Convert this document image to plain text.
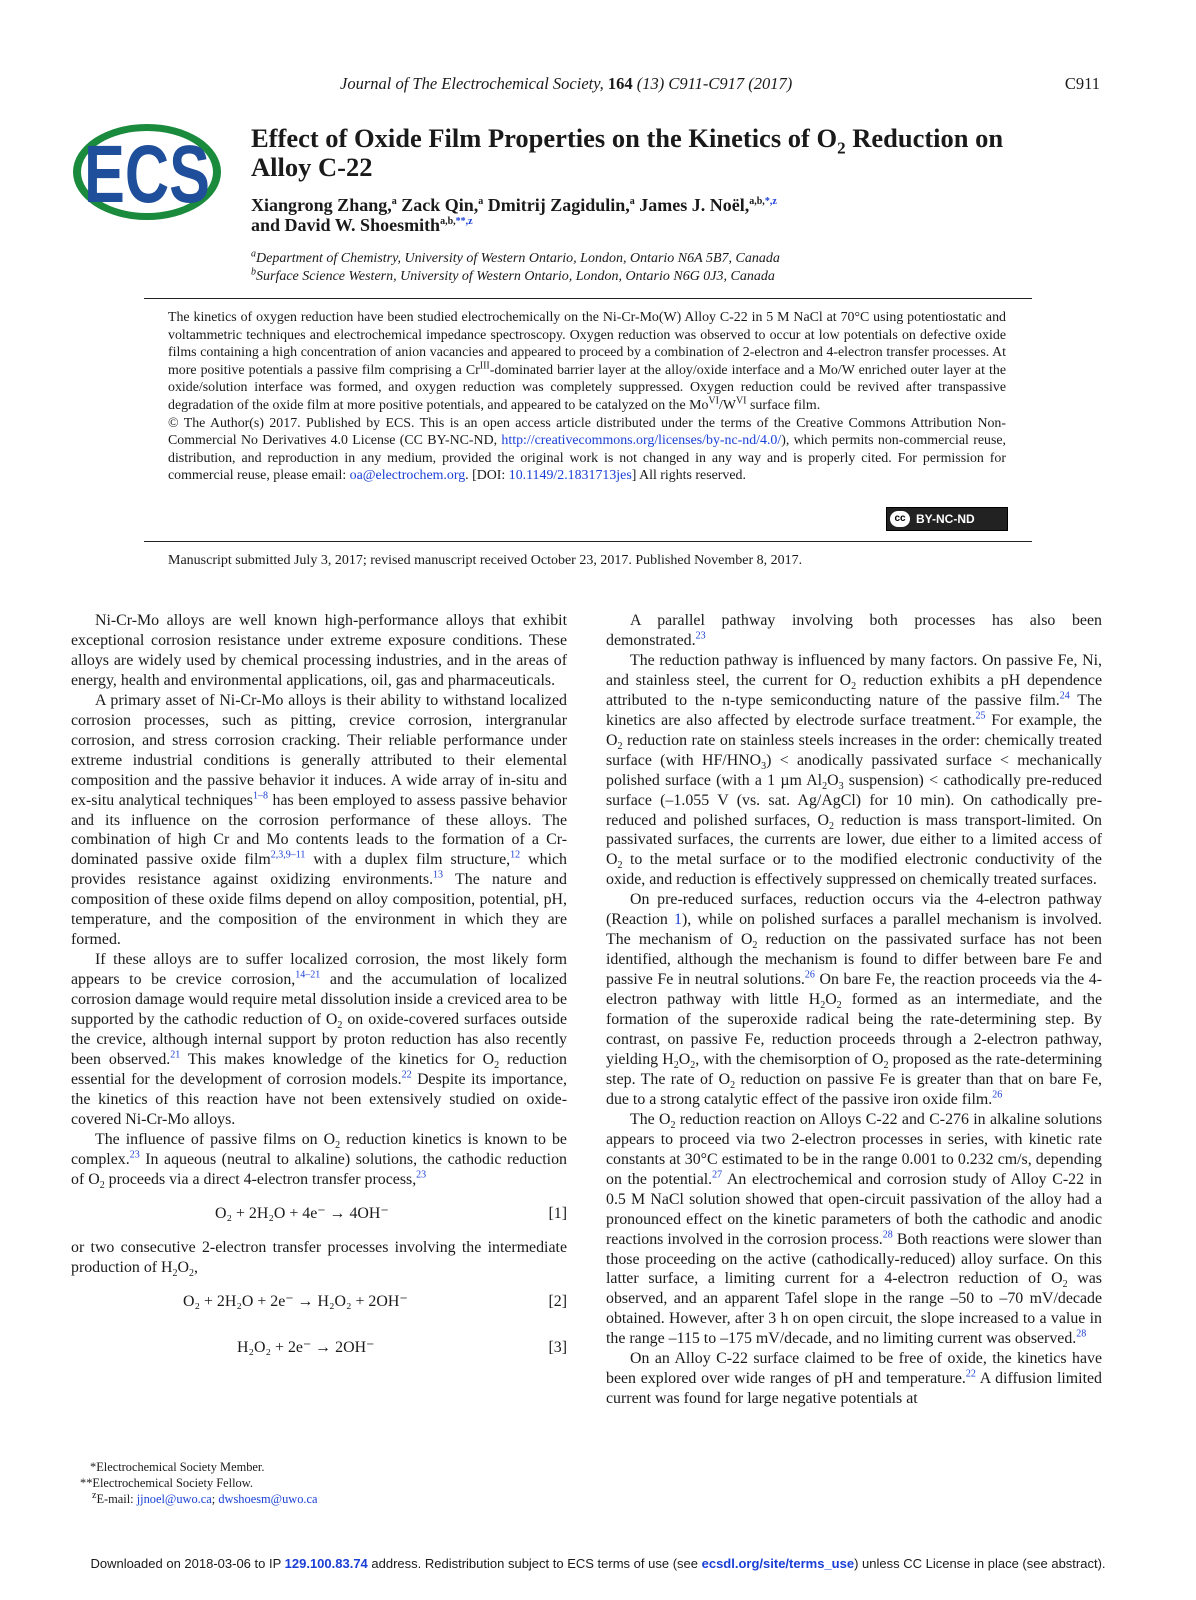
Journal of The Electrochemical Society, 164 (13) C911-C917 (2017)	C911
ECS Effect of Oxide Film Properties on the Kinetics of $O_2$ Reduction on
Alloy C-22
Xiangrong Zhang,$^a$ Zack Qin,$^a$ Dmitrij Zagidulin,$^a$ James J. Noël,$^{a,b,*,z}$
and David W. Shoesmith$^{a,b,**,z}$
$^a$Department of Chemistry, University of Western Ontario, London, Ontario N6A 5B7, Canada
$^b$Surface Science Western, University of Western Ontario, London, Ontario N6G 0J3, Canada

The kinetics of oxygen reduction have been studied electrochemically on the Ni-Cr-Mo(W) Alloy C-22 in 5 M NaCl at 70°C using potentiostatic and voltammetric techniques and electrochemical impedance spectroscopy. Oxygen reduction was observed to occur at low potentials on defective oxide films containing a high concentration of anion vacancies and appeared to proceed by a combination of 2-electron and 4-electron transfer processes. At more positive potentials a passive film comprising a $Cr^{III}$-dominated barrier layer at the alloy/oxide interface and a Mo/W enriched outer layer at the oxide/solution interface was formed, and oxygen reduction was completely suppressed. Oxygen reduction could be revived after transpassive degradation of the oxide film at more positive potentials, and appeared to be catalyzed on the $Mo^{VI}/W^{VI}$ surface film.

© The Author(s) 2017. Published by ECS. This is an open access article distributed under the terms of the Creative Commons Attribution Non-Commercial No Derivatives 4.0 License (CC BY-NC-ND, http://creativecommons.org/licenses/by-nc-nd/4.0/), which permits non-commercial reuse, distribution, and reproduction in any medium, provided the original work is not changed in any way and is properly cited. For permission for commercial reuse, please email: oa@electrochem.org. [DOI: 10.1149/2.1831713jes] All rights reserved.

cc BY-NC-ND
Manuscript submitted July 3, 2017; revised manuscript received October 23, 2017. Published November 8, 2017.

Ni-Cr-Mo alloys are well known high-performance alloys that exhibit exceptional corrosion resistance under extreme exposure conditions. These alloys are widely used by chemical processing industries, and in the areas of energy, health and environmental applications, oil, gas and pharmaceuticals.

A primary asset of Ni-Cr-Mo alloys is their ability to withstand localized corrosion processes, such as pitting, crevice corrosion, intergranular corrosion, and stress corrosion cracking. Their reliable performance under extreme industrial conditions is generally attributed to their elemental composition and the passive behavior it induces. A wide array of in-situ and ex-situ analytical techniques$^{1-8}$ has been employed to assess passive behavior and its influence on the corrosion performance of these alloys. The combination of high Cr and Mo contents leads to the formation of a Cr-dominated passive oxide film$^{2,3,9-11}$ with a duplex film structure,$^{12}$ which provides resistance against oxidizing environments.$^{13}$ The nature and composition of these oxide films depend on alloy composition, potential, pH, temperature, and the composition of the environment in which they are formed.

If these alloys are to suffer localized corrosion, the most likely form appears to be crevice corrosion,$^{14-21}$ and the accumulation of localized corrosion damage would require metal dissolution inside a creviced area to be supported by the cathodic reduction of $O_2$ on oxide-covered surfaces outside the crevice, although internal support by proton reduction has also recently been observed.$^{21}$ This makes knowledge of the kinetics for $O_2$ reduction essential for the development of corrosion models.$^{22}$ Despite its importance, the kinetics of this reaction have not been extensively studied on oxide-covered Ni-Cr-Mo alloys.

The influence of passive films on $O_2$ reduction kinetics is known to be complex.$^{23}$ In aqueous (neutral to alkaline) solutions, the cathodic reduction of $O_2$ proceeds via a direct 4-electron transfer process,$^{23}$

O₂ + 2H₂O + 4e⁻ → 4OH⁻	[1]

or two consecutive 2-electron transfer processes involving the intermediate production of $H_2O_2$,

O₂ + 2H₂O + 2e⁻ → H₂O₂ + 2OH⁻	[2]
H₂O₂ + 2e⁻ → 2OH⁻	[3]

A parallel pathway involving both processes has also been demonstrated.$^{23}$

The reduction pathway is influenced by many factors. On passive Fe, Ni, and stainless steel, the current for $O_2$ reduction exhibits a pH dependence attributed to the n-type semiconducting nature of the passive film.$^{24}$ The kinetics are also affected by electrode surface treatment.$^{25}$ For example, the $O_2$ reduction rate on stainless steels increases in the order: chemically treated surface (with $HF/HNO_3$) < anodically passivated surface < mechanically polished surface (with a 1 µm $Al_2O_3$ suspension) < cathodically pre-reduced surface (–1.055 V (vs. sat. Ag/AgCl) for 10 min). On cathodically pre-reduced and polished surfaces, $O_2$ reduction is mass transport-limited. On passivated surfaces, the currents are lower, due either to a limited access of $O_2$ to the metal surface or to the modified electronic conductivity of the oxide, and reduction is effectively suppressed on chemically treated surfaces.

On pre-reduced surfaces, reduction occurs via the 4-electron pathway (Reaction 1), while on polished surfaces a parallel mechanism is involved. The mechanism of $O_2$ reduction on the passivated surface has not been identified, although the mechanism is found to differ between bare Fe and passive Fe in neutral solutions.$^{26}$ On bare Fe, the reaction proceeds via the 4-electron pathway with little $H_2O_2$ formed as an intermediate, and the formation of the superoxide radical being the rate-determining step. By contrast, on passive Fe, reduction proceeds through a 2-electron pathway, yielding $H_2O_2$, with the chemisorption of $O_2$ proposed as the rate-determining step. The rate of $O_2$ reduction on passive Fe is greater than that on bare Fe, due to a strong catalytic effect of the passive iron oxide film.$^{26}$

The $O_2$ reduction reaction on Alloys C-22 and C-276 in alkaline solutions appears to proceed via two 2-electron processes in series, with kinetic rate constants at 30°C estimated to be in the range 0.001 to 0.232 cm/s, depending on the potential.$^{27}$ An electrochemical and corrosion study of Alloy C-22 in 0.5 M NaCl solution showed that open-circuit passivation of the alloy had a pronounced effect on the kinetic parameters of both the cathodic and anodic reactions involved in the corrosion process.$^{28}$ Both reactions were slower than those proceeding on the active (cathodically-reduced) alloy surface. On this latter surface, a limiting current for a 4-electron reduction of $O_2$ was observed, and an apparent Tafel slope in the range –50 to –70 mV/decade obtained. However, after 3 h on open circuit, the slope increased to a value in the range –115 to –175 mV/decade, and no limiting current was observed.$^{28}$

On an Alloy C-22 surface claimed to be free of oxide, the kinetics have been explored over wide ranges of pH and temperature.$^{22}$ A diffusion limited current was found for large negative potentials at

*Electrochemical Society Member.
**Electrochemical Society Fellow.
$^z$E-mail: jjnoel@uwo.ca; dwshoesm@uwo.ca
Downloaded on 2018-03-06 to IP 129.100.83.74 address. Redistribution subject to ECS terms of use (see ecsdl.org/site/terms_use) unless CC License in place (see abstract).
